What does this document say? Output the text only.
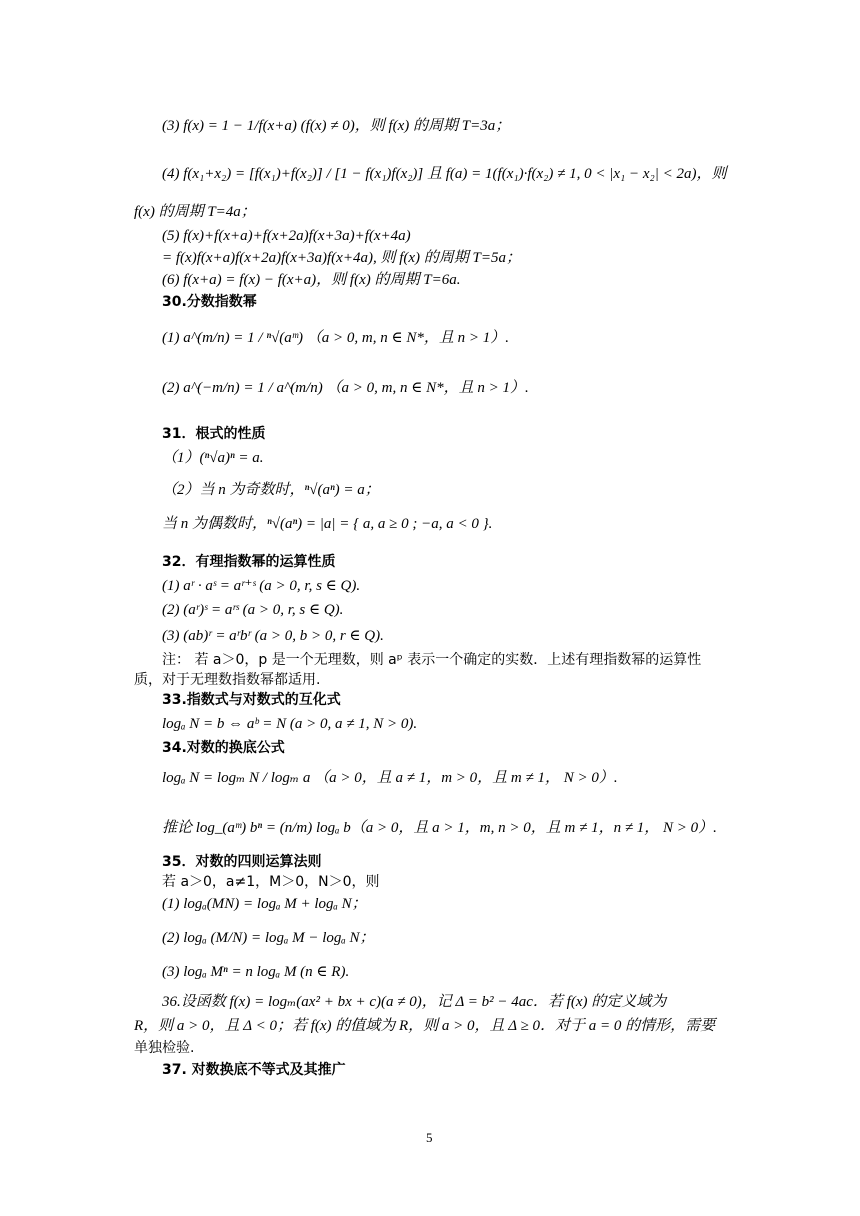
(3) f(x) = 1 − 1/f(x+a) (f(x) ≠ 0)，则 f(x) 的周期 T=3a；
(4) f(x₁+x₂) = [f(x₁)+f(x₂)] / [1 − f(x₁)f(x₂)] 且 f(a) = 1(f(x₁)·f(x₂) ≠ 1, 0 < |x₁ − x₂| < 2a)，则
f(x) 的周期 T=4a；
(5) f(x)+f(x+a)+f(x+2a)f(x+3a)+f(x+4a)
= f(x)f(x+a)f(x+2a)f(x+3a)f(x+4a), 则 f(x) 的周期 T=5a；
(6) f(x+a) = f(x) − f(x+a)，则 f(x) 的周期 T=6a.
30.分数指数幂
(1) a^(m/n) = 1 / ⁿ√(aᵐ) （a > 0, m, n ∈ N*，且 n > 1）.
(2) a^(−m/n) = 1 / a^(m/n) （a > 0, m, n ∈ N*，且 n > 1）.
31．根式的性质
（1）(ⁿ√a)ⁿ = a.
（2）当 n 为奇数时，ⁿ√(aⁿ) = a；
当 n 为偶数时，ⁿ√(aⁿ) = |a| = { a, a ≥ 0 ; −a, a < 0 }.
32．有理指数幂的运算性质
(1) aʳ · aˢ = aʳ⁺ˢ (a > 0, r, s ∈ Q).
(2) (aʳ)ˢ = aʳˢ (a > 0, r, s ∈ Q).
(3) (ab)ʳ = aʳbʳ (a > 0, b > 0, r ∈ Q).
注： 若 a＞0，p 是一个无理数，则 aᵖ 表示一个确定的实数．上述有理指数幂的运算性
质，对于无理数指数幂都适用.
33.指数式与对数式的互化式
logₐ N = b ⇔ aᵇ = N (a > 0, a ≠ 1, N > 0).
34.对数的换底公式
logₐ N = logₘ N / logₘ a （a > 0，且 a ≠ 1，m > 0，且 m ≠ 1， N > 0）.
推论 log_(aᵐ) bⁿ = (n/m) logₐ b（a > 0，且 a > 1，m, n > 0，且 m ≠ 1，n ≠ 1， N > 0）.
35．对数的四则运算法则
若 a＞0，a≠1，M＞0，N＞0，则
(1) logₐ(MN) = logₐ M + logₐ N；
(2) logₐ (M/N) = logₐ M − logₐ N；
(3) logₐ Mⁿ = n logₐ M (n ∈ R).
36.设函数 f(x) = logₘ(ax² + bx + c)(a ≠ 0)，记 Δ = b² − 4ac．若 f(x) 的定义域为
R，则 a > 0，且 Δ < 0；若 f(x) 的值域为 R，则 a > 0，且 Δ ≥ 0．对于 a = 0 的情形，需要
单独检验.
37. 对数换底不等式及其推广
5
